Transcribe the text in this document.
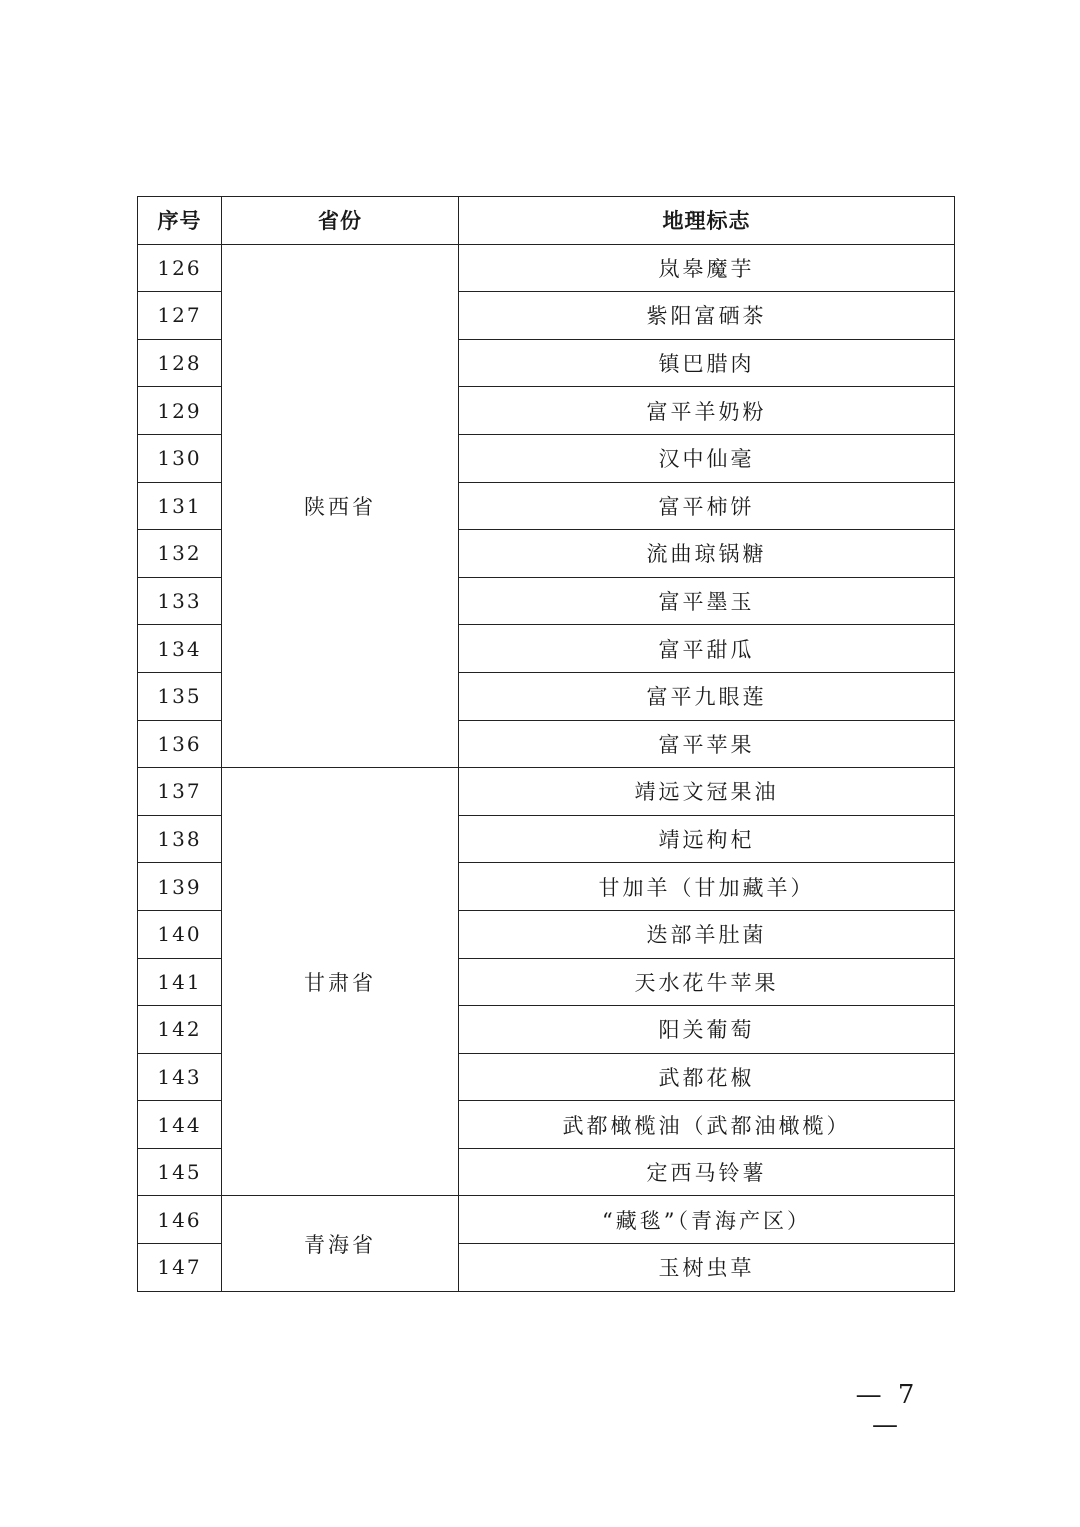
序号	省份	地理标志
126	陕西省	岚皋魔芋
127		紫阳富硒茶
128		镇巴腊肉
129		富平羊奶粉
130		汉中仙毫
131		富平柿饼
132		流曲琼锅糖
133		富平墨玉
134		富平甜瓜
135		富平九眼莲
136		富平苹果
137	甘肃省	靖远文冠果油
138		靖远枸杞
139		甘加羊（甘加藏羊）
140		迭部羊肚菌
141		天水花牛苹果
142		阳关葡萄
143		武都花椒
144		武都橄榄油（武都油橄榄）
145		定西马铃薯
146	青海省	“藏毯”（青海产区）
147		玉树虫草
— 7 —
